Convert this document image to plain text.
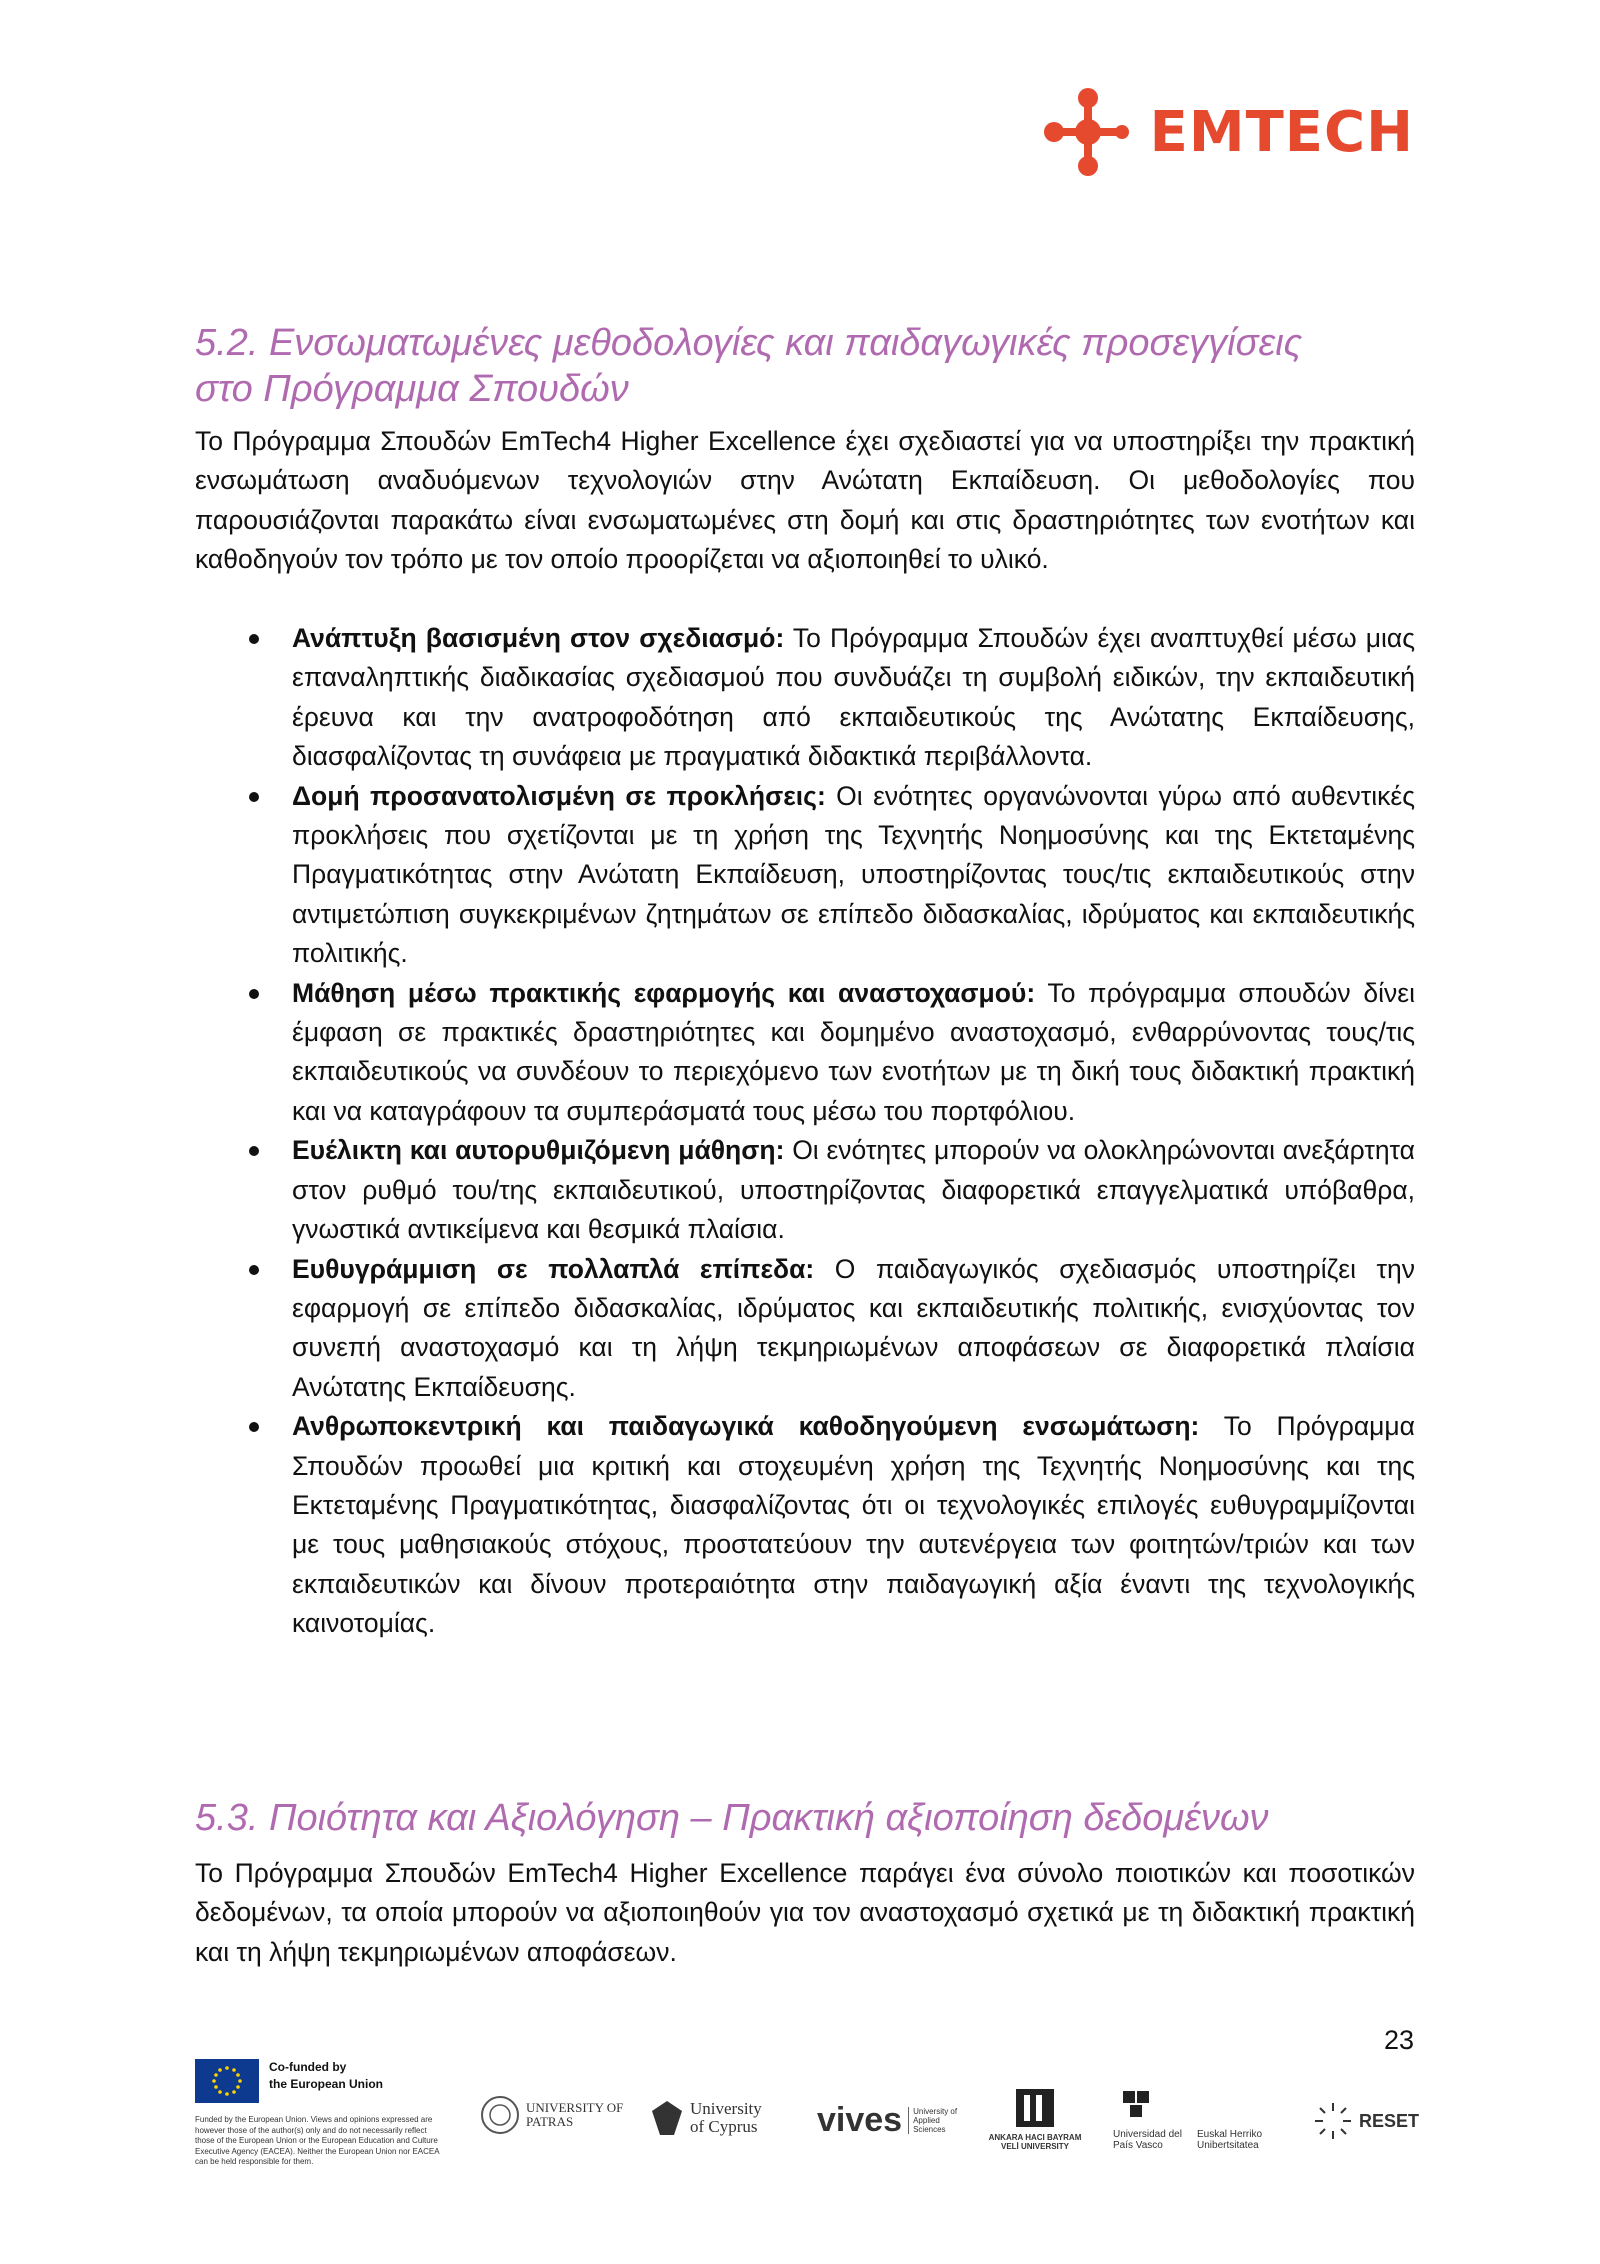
EMTECH
5.2. Ενσωματωμένες μεθοδολογίες και παιδαγωγικές προσεγγίσεις
στο Πρόγραμμα Σπουδών

Το Πρόγραμμα Σπουδών EmTech4 Higher Excellence έχει σχεδιαστεί για να υποστηρίξει την πρακτική ενσωμάτωση αναδυόμενων τεχνολογιών στην Ανώτατη Εκπαίδευση. Οι μεθοδολογίες που παρουσιάζονται παρακάτω είναι ενσωματωμένες στη δομή και στις δραστηριότητες των ενοτήτων και καθοδηγούν τον τρόπο με τον οποίο προορίζεται να αξιοποιηθεί το υλικό.

Ανάπτυξη βασισμένη στον σχεδιασμό: Το Πρόγραμμα Σπουδών έχει αναπτυχθεί μέσω μιας επαναληπτικής διαδικασίας σχεδιασμού που συνδυάζει τη συμβολή ειδικών, την εκπαιδευτική έρευνα και την ανατροφοδότηση από εκπαιδευτικούς της Ανώτατης Εκπαίδευσης, διασφαλίζοντας τη συνάφεια με πραγματικά διδακτικά περιβάλλοντα.
Δομή προσανατολισμένη σε προκλήσεις: Οι ενότητες οργανώνονται γύρω από αυθεντικές προκλήσεις που σχετίζονται με τη χρήση της Τεχνητής Νοημοσύνης και της Εκτεταμένης Πραγματικότητας στην Ανώτατη Εκπαίδευση, υποστηρίζοντας τους/τις εκπαιδευτικούς στην αντιμετώπιση συγκεκριμένων ζητημάτων σε επίπεδο διδασκαλίας, ιδρύματος και εκπαιδευτικής πολιτικής.
Μάθηση μέσω πρακτικής εφαρμογής και αναστοχασμού: Το πρόγραμμα σπουδών δίνει έμφαση σε πρακτικές δραστηριότητες και δομημένο αναστοχασμό, ενθαρρύνοντας τους/τις εκπαιδευτικούς να συνδέουν το περιεχόμενο των ενοτήτων με τη δική τους διδακτική πρακτική και να καταγράφουν τα συμπεράσματά τους μέσω του πορτφόλιου.
Ευέλικτη και αυτορυθμιζόμενη μάθηση: Οι ενότητες μπορούν να ολοκληρώνονται ανεξάρτητα στον ρυθμό του/της εκπαιδευτικού, υποστηρίζοντας διαφορετικά επαγγελματικά υπόβαθρα, γνωστικά αντικείμενα και θεσμικά πλαίσια.
Ευθυγράμμιση σε πολλαπλά επίπεδα: Ο παιδαγωγικός σχεδιασμός υποστηρίζει την εφαρμογή σε επίπεδο διδασκαλίας, ιδρύματος και εκπαιδευτικής πολιτικής, ενισχύοντας τον συνεπή αναστοχασμό και τη λήψη τεκμηριωμένων αποφάσεων σε διαφορετικά πλαίσια Ανώτατης Εκπαίδευσης.
Ανθρωποκεντρική και παιδαγωγικά καθοδηγούμενη ενσωμάτωση: Το Πρόγραμμα Σπουδών προωθεί μια κριτική και στοχευμένη χρήση της Τεχνητής Νοημοσύνης και της Εκτεταμένης Πραγματικότητας, διασφαλίζοντας ότι οι τεχνολογικές επιλογές ευθυγραμμίζονται με τους μαθησιακούς στόχους, προστατεύουν την αυτενέργεια των φοιτητών/τριών και των εκπαιδευτικών και δίνουν προτεραιότητα στην παιδαγωγική αξία έναντι της τεχνολογικής καινοτομίας.
5.3. Ποιότητα και Αξιολόγηση – Πρακτική αξιοποίηση δεδομένων

Το Πρόγραμμα Σπουδών EmTech4 Higher Excellence παράγει ένα σύνολο ποιοτικών και ποσοτικών δεδομένων, τα οποία μπορούν να αξιοποιηθούν για τον αναστοχασμό σχετικά με τη διδακτική πρακτική και τη λήψη τεκμηριωμένων αποφάσεων.

23
Co-funded by
the European Union
Funded by the European Union. Views and opinions expressed are however those of the author(s) only and do not necessarily reflect those of the European Union or the European Education and Culture Executive Agency (EACEA). Neither the European Union nor EACEA can be held responsible for them.
UNIVERSITY OF PATRAS
University of Cyprus	vives	University of Applied Sciences
ANKARA HACI BAYRAM VELİ UNIVERSITY
Universidad del País Vasco
Euskal Herriko Unibertsitatea
RESET
